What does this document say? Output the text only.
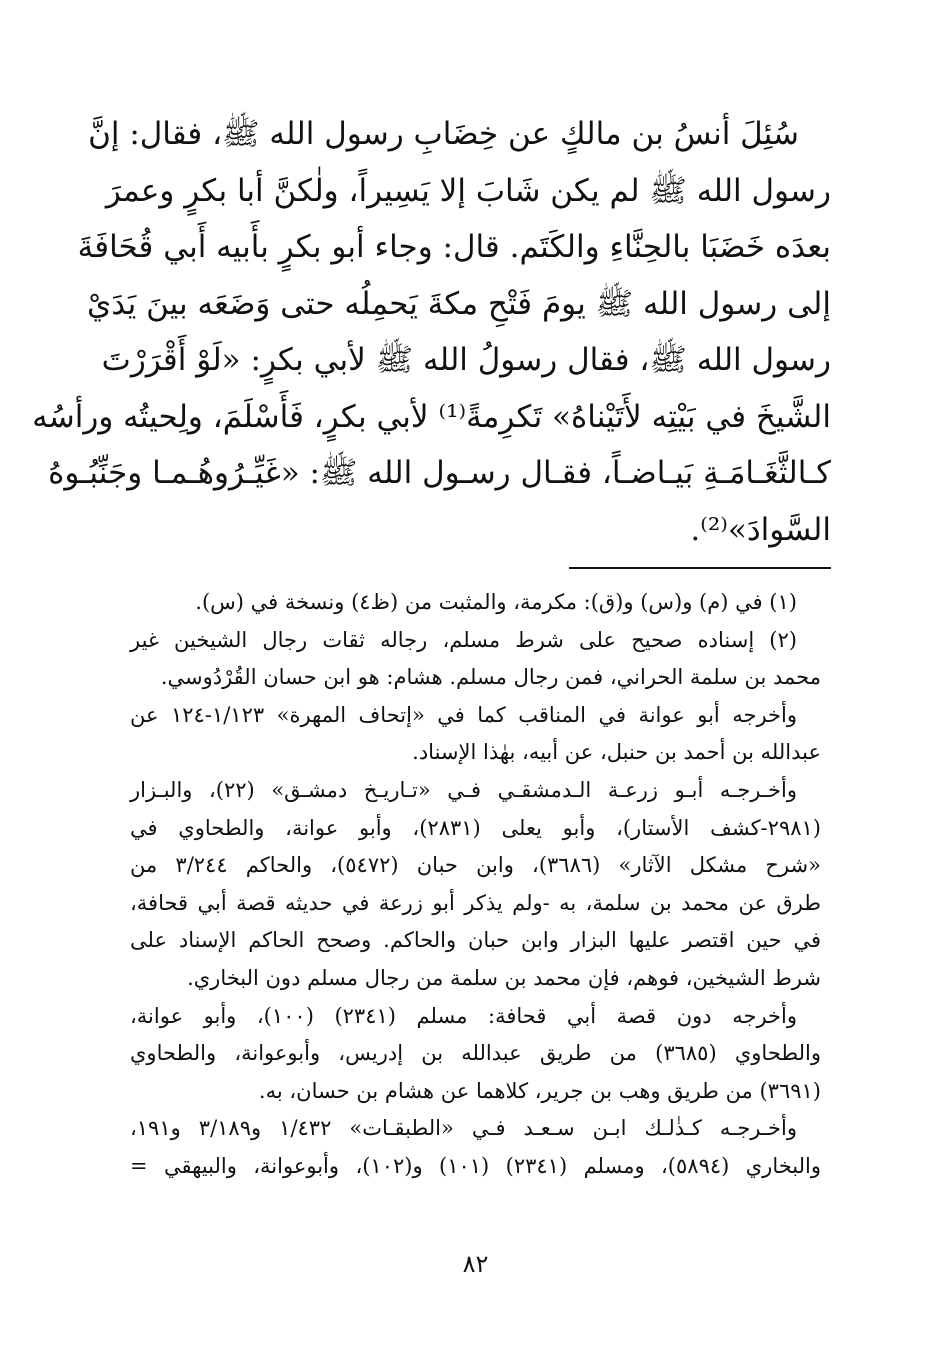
سُئِلَ أنسُ بن مالكٍ عن خِضَابِ رسول الله ﷺ، فقال: إنَّ
رسول الله ﷺ لم يكن شَابَ إلا يَسِيراً، ولٰكنَّ أبا بكرٍ وعمرَ
بعدَه خَضَبَا بالحِنَّاءِ والكَتَم. قال: وجاء أبو بكرٍ بأَبيه أَبي قُحَافَةَ
إلى رسول الله ﷺ يومَ فَتْحِ مكةَ يَحمِلُه حتى وَضَعَه بينَ يَدَيْ
رسول الله ﷺ، فقال رسولُ الله ﷺ لأبي بكرٍ: «لَوْ أَقْرَرْتَ
الشَّيخَ في بَيْتِه لأَتَيْناهُ» تَكرِمةً⁽¹⁾ لأبي بكرٍ، فَأَسْلَمَ، ولِحيتُه ورأسُه
كـالثَّغَـامَـةِ بَيـاضـاً، فقـال رسـول الله ﷺ: «غَيِّـرُوهُـمـا وجَنِّبُـوهُ
السَّوادَ»⁽²⁾.
(١) في (م) و(س) و(ق): مكرمة، والمثبت من (ظ٤) ونسخة في (س).
(٢) إسناده صحيح على شرط مسلم، رجاله ثقات رجال الشيخين غير
محمد بن سلمة الحراني، فمن رجال مسلم. هشام: هو ابن حسان القُرْدُوسي.
وأخرجه أبو عوانة في المناقب كما في «إتحاف المهرة» ١/١٢٣-١٢٤ عن
عبدالله بن أحمد بن حنبل، عن أبيه، بهٰذا الإسناد.
وأخـرجـه أبـو زرعـة الـدمشقـي فـي «تـاريـخ دمشـق» (٢٢)، والبـزار
(٢٩٨١-كشف الأستار)، وأبو يعلى (٢٨٣١)، وأبو عوانة، والطحاوي في
«شرح مشكل الآثار» (٣٦٨٦)، وابن حبان (٥٤٧٢)، والحاكم ٣/٢٤٤ من
طرق عن محمد بن سلمة، به -ولم يذكر أبو زرعة في حديثه قصة أبي قحافة،
في حين اقتصر عليها البزار وابن حبان والحاكم. وصحح الحاكم الإسناد على
شرط الشيخين، فوهم، فإن محمد بن سلمة من رجال مسلم دون البخاري.
وأخرجه دون قصة أبي قحافة: مسلم (٢٣٤١) (١٠٠)، وأبو عوانة،
والطحاوي (٣٦٨٥) من طريق عبدالله بن إدريس، وأبوعوانة، والطحاوي
(٣٦٩١) من طريق وهب بن جرير، كلاهما عن هشام بن حسان، به.
وأخـرجـه كـذٰلـك ابـن سـعـد فـي «الطبقـات» ١/٤٣٢ و٣/١٨٩ و١٩١،
والبخاري (٥٨٩٤)، ومسلم (٢٣٤١) (١٠١) و(١٠٢)، وأبوعوانة، والبيهقي =
٨٢
